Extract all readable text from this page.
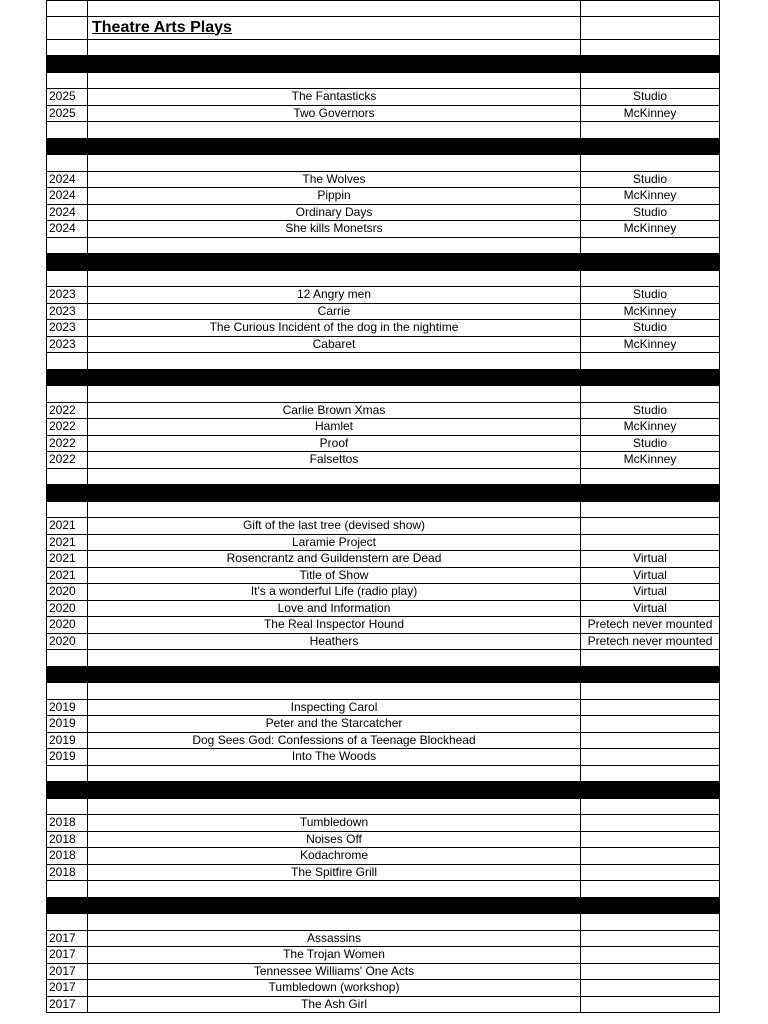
Theatre Arts Plays
2025	The Fantasticks	Studio
2025	Two Governors	McKinney
2024	The Wolves	Studio
2024	Pippin	McKinney
2024	Ordinary Days	Studio
2024	She kills Monetsrs	McKinney
2023	12 Angry men	Studio
2023	Carrie	McKinney
2023	The Curious Incident of the dog in the nightime	Studio
2023	Cabaret	McKinney
2022	Carlie Brown Xmas	Studio
2022	Hamlet	McKinney
2022	Proof	Studio
2022	Falsettos	McKinney
2021	Gift of the last tree (devised show)
2021	Laramie Project
2021	Rosencrantz and Guildenstern are Dead	Virtual
2021	Title of Show	Virtual
2020	It's a wonderful Life (radio play)	Virtual
2020	Love and Information	Virtual
2020	The Real Inspector Hound	Pretech never mounted
2020	Heathers	Pretech never mounted
2019	Inspecting Carol
2019	Peter and the Starcatcher
2019	Dog Sees God: Confessions of a Teenage Blockhead
2019	Into The Woods
2018	Tumbledown
2018	Noises Off
2018	Kodachrome
2018	The Spitfire Grill
2017	Assassins
2017	The Trojan Women
2017	Tennessee Williams' One Acts
2017	Tumbledown (workshop)
2017	The Ash Girl
